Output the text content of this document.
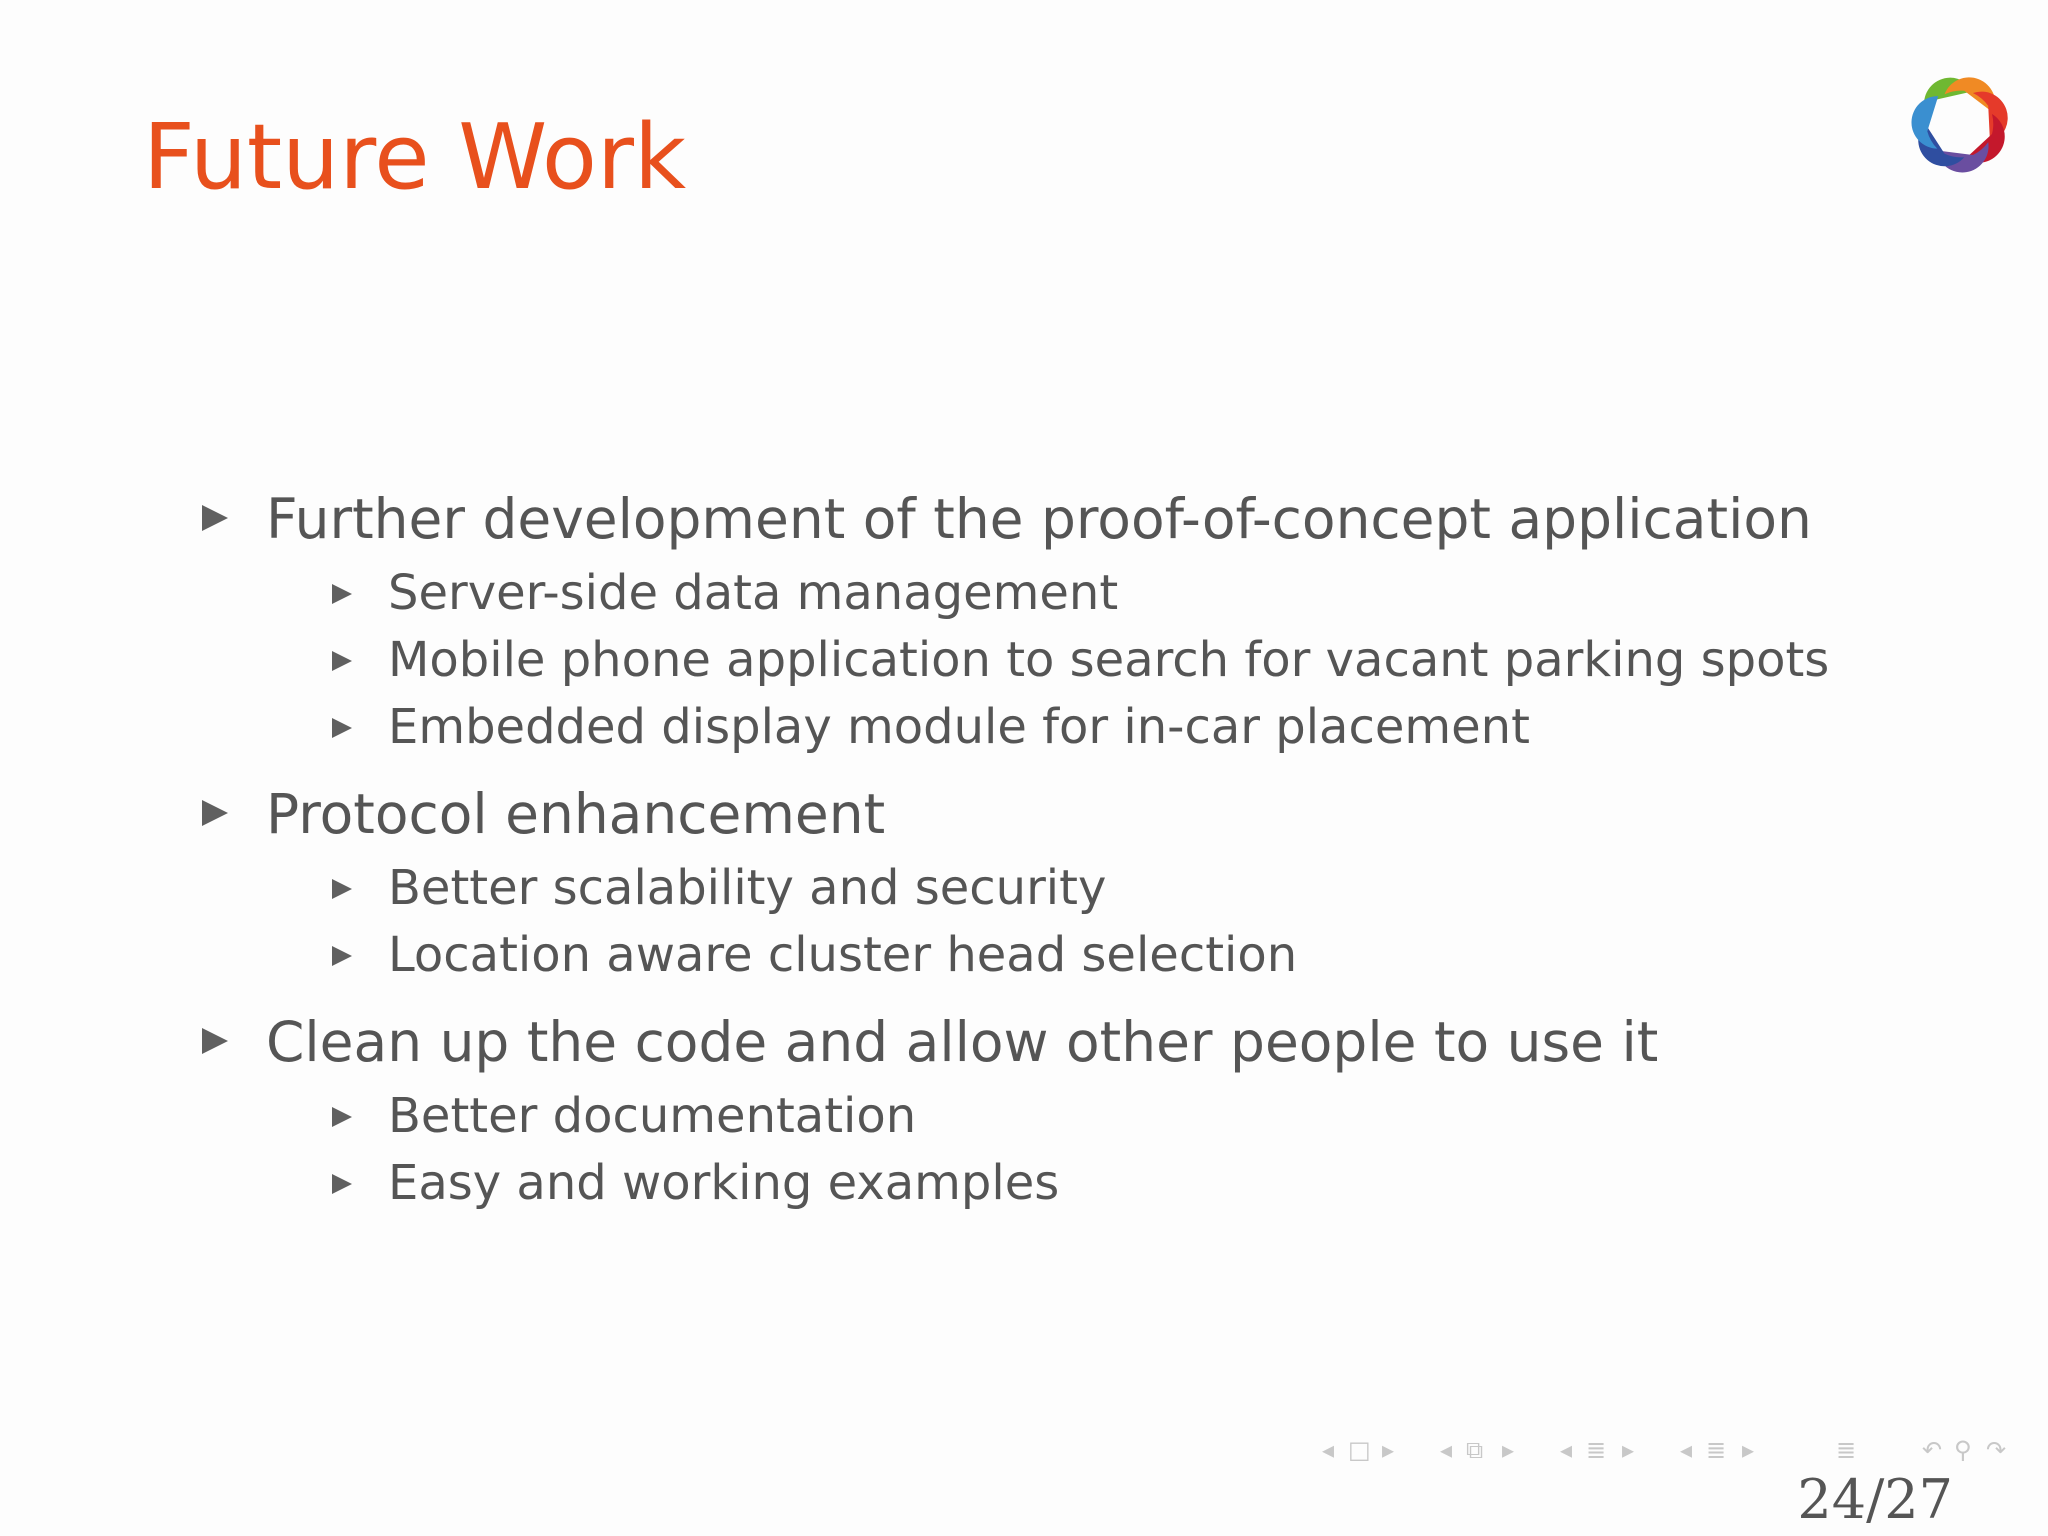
Future Work
Further development of the proof-of-concept application
Server-side data management
Mobile phone application to search for vacant parking spots
Embedded display module for in-car placement
Protocol enhancement
Better scalability and security
Location aware cluster head selection
Clean up the code and allow other people to use it
Better documentation
Easy and working examples
◂ □ ▸ ◂ ⧉ ▸ ◂ ≣ ▸ ◂ ≣ ▸	≣	↶ ⚲ ↷
24/27
